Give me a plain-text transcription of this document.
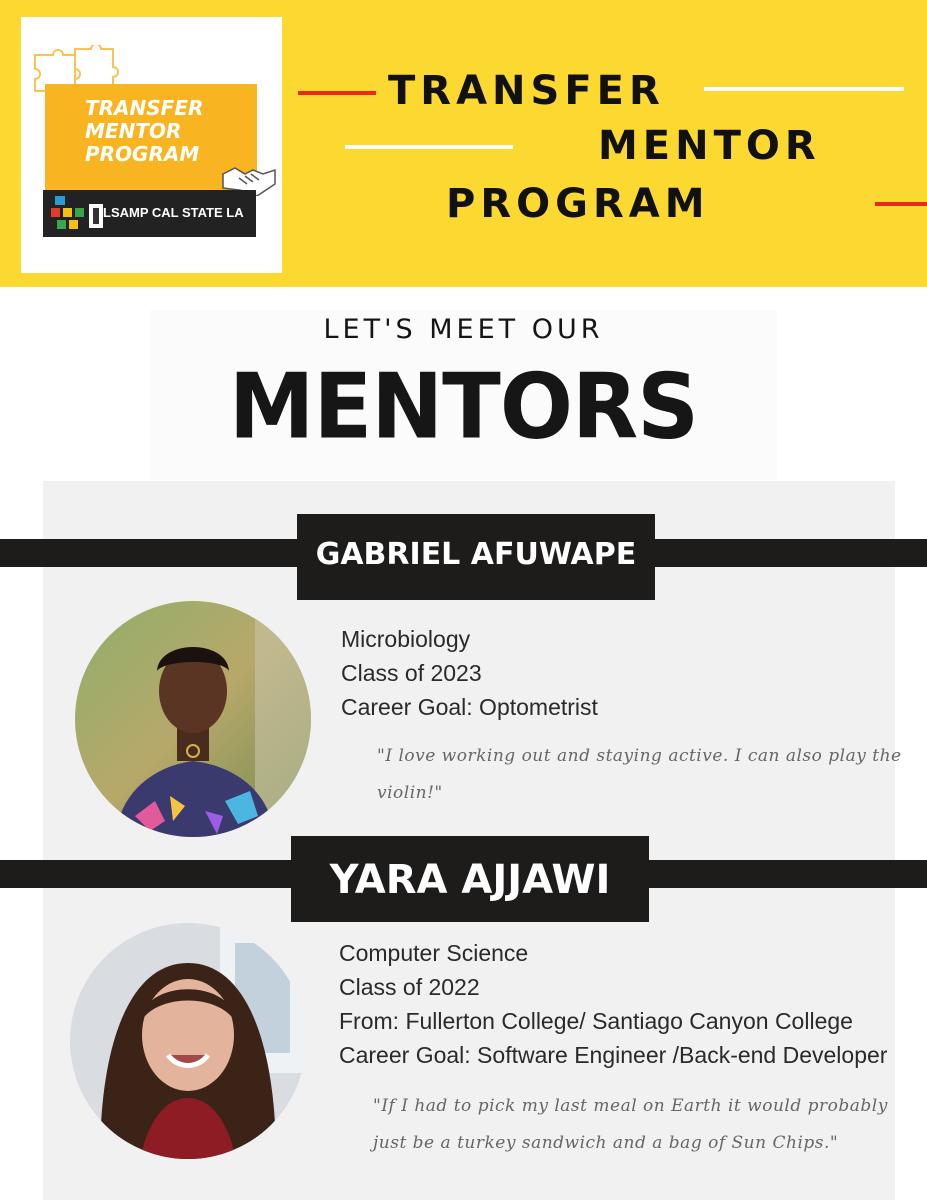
TRANSFER
MENTOR
PROGRAM
LSAMP CAL STATE LA
TRANSFER
MENTOR
PROGRAM
LET'S MEET OUR
MENTORS
GABRIEL AFUWAPE
Microbiology
Class of 2023
Career Goal: Optometrist
"I love working out and staying active. I can also play the
violin!"
YARA AJJAWI
Computer Science
Class of 2022
From: Fullerton College/ Santiago Canyon College
Career Goal: Software Engineer /Back-end Developer
"If I had to pick my last meal on Earth it would probably
just be a turkey sandwich and a bag of Sun Chips."
